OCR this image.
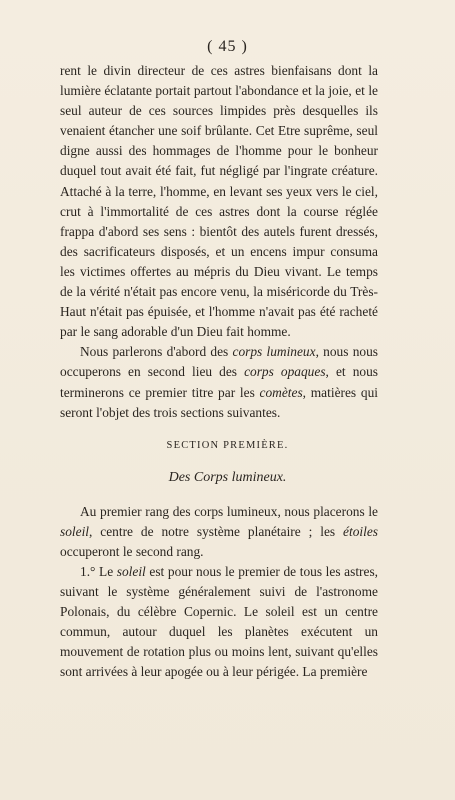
( 45 )

rent le divin directeur de ces astres bienfaisans dont la lumière éclatante portait partout l'abondance et la joie, et le seul auteur de ces sources limpides près desquelles ils venaient étancher une soif brûlante. Cet Etre suprême, seul digne aussi des hommages de l'homme pour le bonheur duquel tout avait été fait, fut négligé par l'ingrate créature. Attaché à la terre, l'homme, en levant ses yeux vers le ciel, crut à l'immortalité de ces astres dont la course réglée frappa d'abord ses sens : bientôt des autels furent dressés, des sacrificateurs disposés, et un encens impur consuma les victimes offertes au mépris du Dieu vivant. Le temps de la vérité n'était pas encore venu, la miséricorde du Très-Haut n'était pas épuisée, et l'homme n'avait pas été racheté par le sang adorable d'un Dieu fait homme.

Nous parlerons d'abord des corps lumineux, nous nous occuperons en second lieu des corps opaques, et nous terminerons ce premier titre par les comètes, matières qui seront l'objet des trois sections suivantes.

SECTION PREMIÈRE.
Des Corps lumineux.

Au premier rang des corps lumineux, nous placerons le soleil, centre de notre système planétaire ; les étoiles occuperont le second rang.

1.° Le soleil est pour nous le premier de tous les astres, suivant le système généralement suivi de l'astronome Polonais, du célèbre Copernic. Le soleil est un centre commun, autour duquel les planètes exécutent un mouvement de rotation plus ou moins lent, suivant qu'elles sont arrivées à leur apogée ou à leur périgée. La première
